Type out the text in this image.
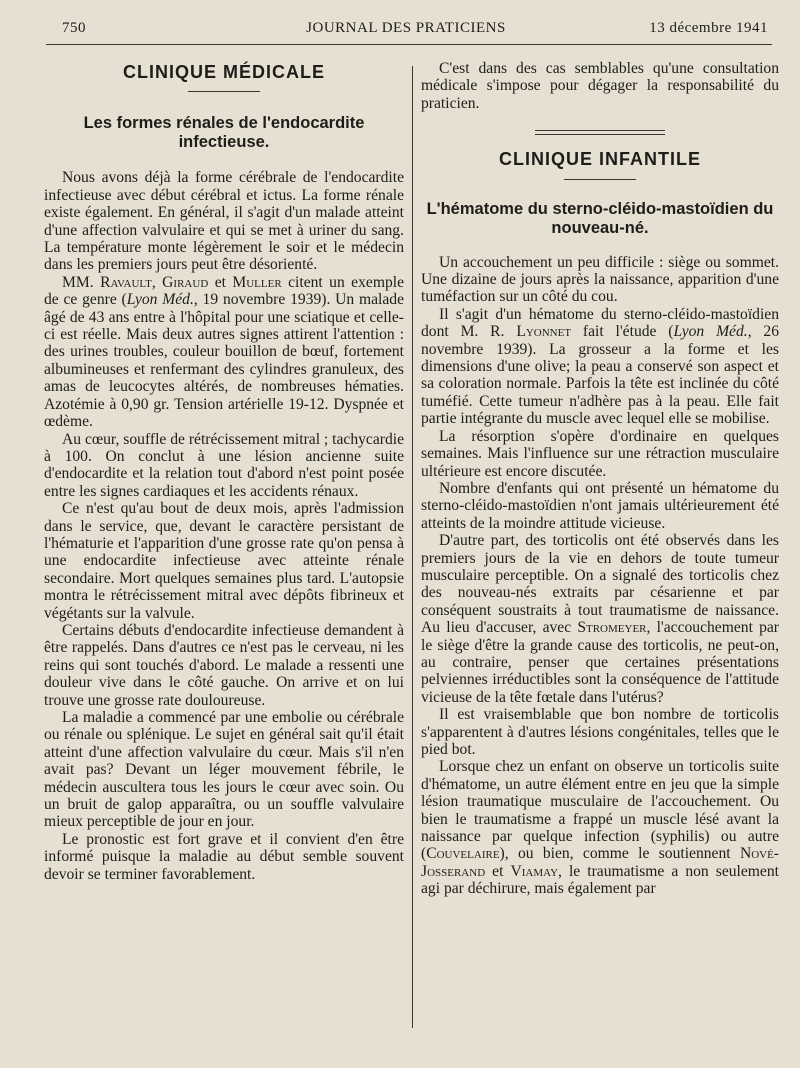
750	JOURNAL DES PRATICIENS	13 décembre 1941
CLINIQUE MÉDICALE
Les formes rénales de l'endocardite infectieuse.

Nous avons déjà la forme cérébrale de l'endocardite infectieuse avec début cérébral et ictus. La forme rénale existe également. En général, il s'agit d'un malade atteint d'une affection valvulaire et qui se met à uriner du sang. La température monte légèrement le soir et le médecin dans les premiers jours peut être désorienté.

MM. Ravault, Giraud et Muller citent un exemple de ce genre (Lyon Méd., 19 novembre 1939). Un malade âgé de 43 ans entre à l'hôpital pour une sciatique et celle-ci est réelle. Mais deux autres signes attirent l'attention : des urines troubles, couleur bouillon de bœuf, fortement albumineuses et renfermant des cylindres granuleux, des amas de leucocytes altérés, de nombreuses hématies. Azotémie à 0,90 gr. Tension artérielle 19-12. Dyspnée et œdème.

Au cœur, souffle de rétrécissement mitral ; tachycardie à 100. On conclut à une lésion ancienne suite d'endocardite et la relation tout d'abord n'est point posée entre les signes cardiaques et les accidents rénaux.

Ce n'est qu'au bout de deux mois, après l'admission dans le service, que, devant le caractère persistant de l'hématurie et l'apparition d'une grosse rate qu'on pensa à une endocardite infectieuse avec atteinte rénale secondaire. Mort quelques semaines plus tard. L'autopsie montra le rétrécissement mitral avec dépôts fibrineux et végétants sur la valvule.

Certains débuts d'endocardite infectieuse demandent à être rappelés. Dans d'autres ce n'est pas le cerveau, ni les reins qui sont touchés d'abord. Le malade a ressenti une douleur vive dans le côté gauche. On arrive et on lui trouve une grosse rate douloureuse.

La maladie a commencé par une embolie ou cérébrale ou rénale ou splénique. Le sujet en général sait qu'il était atteint d'une affection valvulaire du cœur. Mais s'il n'en avait pas? Devant un léger mouvement fébrile, le médecin auscultera tous les jours le cœur avec soin. Ou un bruit de galop apparaîtra, ou un souffle valvulaire mieux perceptible de jour en jour.

Le pronostic est fort grave et il convient d'en être informé puisque la maladie au début semble souvent devoir se terminer favorablement.

C'est dans des cas semblables qu'une consultation médicale s'impose pour dégager la responsabilité du praticien.

CLINIQUE INFANTILE
L'hématome du sterno-cléido-mastoïdien du nouveau-né.

Un accouchement un peu difficile : siège ou sommet. Une dizaine de jours après la naissance, apparition d'une tuméfaction sur un côté du cou.

Il s'agit d'un hématome du sterno-cléido-mastoïdien dont M. R. Lyonnet fait l'étude (Lyon Méd., 26 novembre 1939). La grosseur a la forme et les dimensions d'une olive; la peau a conservé son aspect et sa coloration normale. Parfois la tête est inclinée du côté tuméfié. Cette tumeur n'adhère pas à la peau. Elle fait partie intégrante du muscle avec lequel elle se mobilise.

La résorption s'opère d'ordinaire en quelques semaines. Mais l'influence sur une rétraction musculaire ultérieure est encore discutée.

Nombre d'enfants qui ont présenté un hématome du sterno-cléido-mastoïdien n'ont jamais ultérieurement été atteints de la moindre attitude vicieuse.

D'autre part, des torticolis ont été observés dans les premiers jours de la vie en dehors de toute tumeur musculaire perceptible. On a signalé des torticolis chez des nouveau-nés extraits par césarienne et par conséquent soustraits à tout traumatisme de naissance. Au lieu d'accuser, avec Stromeyer, l'accouchement par le siège d'être la grande cause des torticolis, ne peut-on, au contraire, penser que certaines présentations pelviennes irréductibles sont la conséquence de l'attitude vicieuse de la tête fœtale dans l'utérus?

Il est vraisemblable que bon nombre de torticolis s'apparentent à d'autres lésions congénitales, telles que le pied bot.

Lorsque chez un enfant on observe un torticolis suite d'hématome, un autre élément entre en jeu que la simple lésion traumatique musculaire de l'accouchement. Ou bien le traumatisme a frappé un muscle lésé avant la naissance par quelque infection (syphilis) ou autre (Couvelaire), ou bien, comme le soutiennent Nové-Josserand et Viamay, le traumatisme a non seulement agi par déchirure, mais également par
